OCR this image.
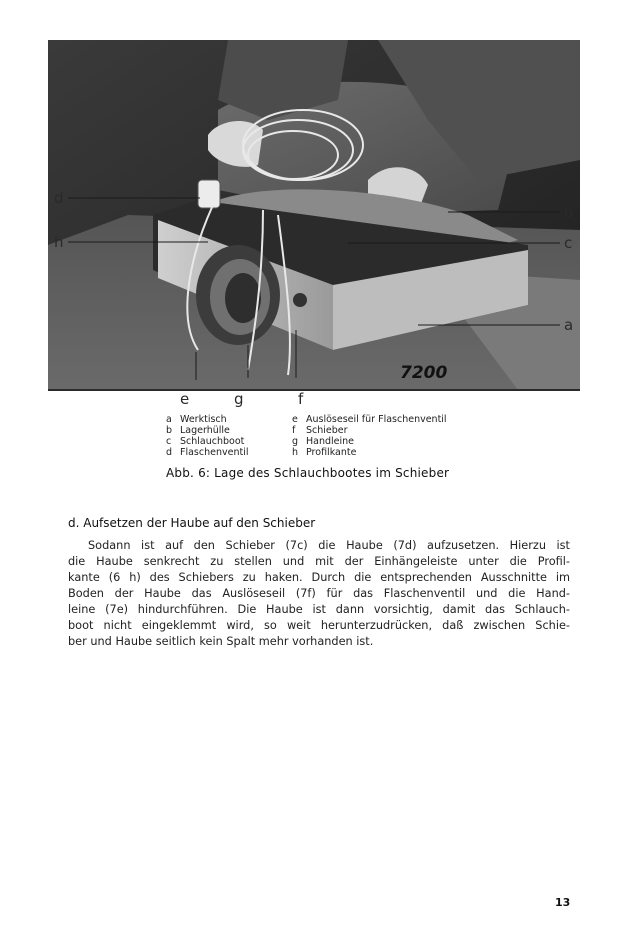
d
h
b
c
a
e	g	f
7200
a Werktisch
b Lagerhülle
c Schlauchboot
d Flaschenventil
e Auslöseseil für Flaschenventil
f Schieber
g Handleine
h Profilkante
Abb. 6: Lage des Schlauchbootes im Schieber
d. Aufsetzen der Haube auf den Schieber
Sodann ist auf den Schieber (7c) die Haube (7d) aufzusetzen. Hierzu ist
die Haube senkrecht zu stellen und mit der Einhängeleiste unter die Profil-
kante (6 h) des Schiebers zu haken. Durch die entsprechenden Ausschnitte im
Boden der Haube das Auslöseseil (7f) für das Flaschenventil und die Hand-
leine (7e) hindurchführen. Die Haube ist dann vorsichtig, damit das Schlauch-
boot nicht eingeklemmt wird, so weit herunterzudrücken, daß zwischen Schie-
ber und Haube seitlich kein Spalt mehr vorhanden ist.
13
